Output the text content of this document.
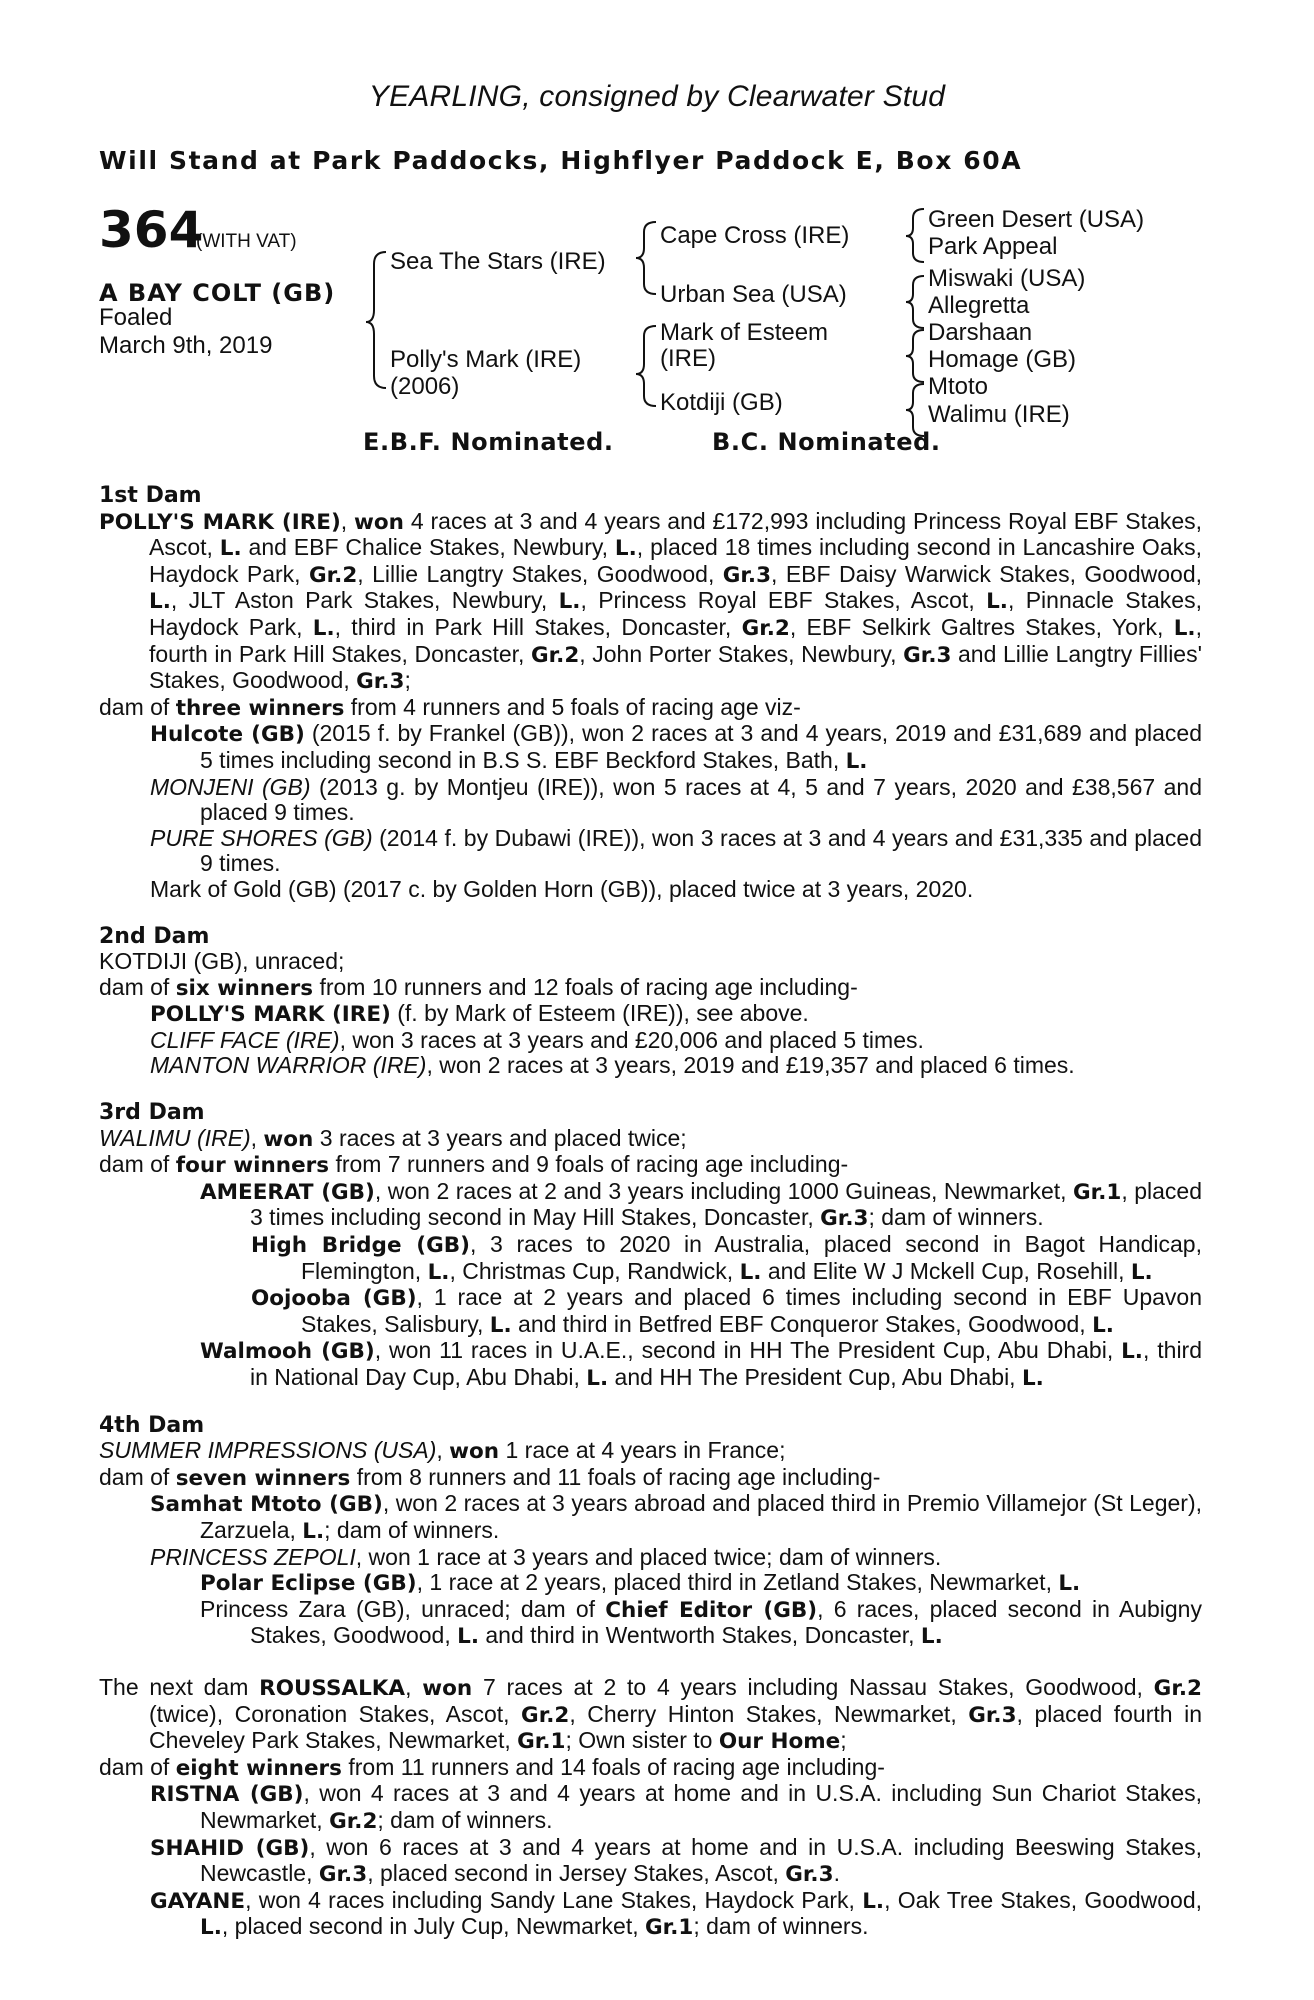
YEARLING, consigned by Clearwater Stud
Will Stand at Park Paddocks, Highflyer Paddock E, Box 60A
364
(WITH VAT)
A BAY COLT (GB)
Foaled
March 9th, 2019
Sea The Stars (IRE)
Polly's Mark (IRE)
(2006)
Cape Cross (IRE)
Urban Sea (USA)
Mark of Esteem
(IRE)
Kotdiji (GB)
Green Desert (USA)
Park Appeal
Miswaki (USA)
Allegretta
Darshaan
Homage (GB)
Mtoto
Walimu (IRE)
E.B.F. Nominated.	B.C. Nominated.
1st Dam

POLLY'S MARK (IRE), won 4 races at 3 and 4 years and £172,993 including Princess Royal EBF Stakes, Ascot, L. and EBF Chalice Stakes, Newbury, L., placed 18 times including second in Lancashire Oaks, Haydock Park, Gr.2, Lillie Langtry Stakes, Goodwood, Gr.3, EBF Daisy Warwick Stakes, Goodwood, L., JLT Aston Park Stakes, Newbury, L., Princess Royal EBF Stakes, Ascot, L., Pinnacle Stakes, Haydock Park, L., third in Park Hill Stakes, Doncaster, Gr.2, EBF Selkirk Galtres Stakes, York, L., fourth in Park Hill Stakes, Doncaster, Gr.2, John Porter Stakes, Newbury, Gr.3 and Lillie Langtry Fillies' Stakes, Goodwood, Gr.3;

dam of three winners from 4 runners and 5 foals of racing age viz-

Hulcote (GB) (2015 f. by Frankel (GB)), won 2 races at 3 and 4 years, 2019 and £31,689 and placed 5 times including second in B.S S. EBF Beckford Stakes, Bath, L.

MONJENI (GB) (2013 g. by Montjeu (IRE)), won 5 races at 4, 5 and 7 years, 2020 and £38,567 and placed 9 times.

PURE SHORES (GB) (2014 f. by Dubawi (IRE)), won 3 races at 3 and 4 years and £31,335 and placed 9 times.

Mark of Gold (GB) (2017 c. by Golden Horn (GB)), placed twice at 3 years, 2020.

2nd Dam

KOTDIJI (GB), unraced;

dam of six winners from 10 runners and 12 foals of racing age including-

POLLY'S MARK (IRE) (f. by Mark of Esteem (IRE)), see above.

CLIFF FACE (IRE), won 3 races at 3 years and £20,006 and placed 5 times.

MANTON WARRIOR (IRE), won 2 races at 3 years, 2019 and £19,357 and placed 6 times.

3rd Dam

WALIMU (IRE), won 3 races at 3 years and placed twice;

dam of four winners from 7 runners and 9 foals of racing age including-

AMEERAT (GB), won 2 races at 2 and 3 years including 1000 Guineas, Newmarket, Gr.1, placed 3 times including second in May Hill Stakes, Doncaster, Gr.3; dam of winners.

High Bridge (GB), 3 races to 2020 in Australia, placed second in Bagot Handicap, Flemington, L., Christmas Cup, Randwick, L. and Elite W J Mckell Cup, Rosehill, L.

Oojooba (GB), 1 race at 2 years and placed 6 times including second in EBF Upavon Stakes, Salisbury, L. and third in Betfred EBF Conqueror Stakes, Goodwood, L.

Walmooh (GB), won 11 races in U.A.E., second in HH The President Cup, Abu Dhabi, L., third in National Day Cup, Abu Dhabi, L. and HH The President Cup, Abu Dhabi, L.

4th Dam

SUMMER IMPRESSIONS (USA), won 1 race at 4 years in France;

dam of seven winners from 8 runners and 11 foals of racing age including-

Samhat Mtoto (GB), won 2 races at 3 years abroad and placed third in Premio Villamejor (St Leger), Zarzuela, L.; dam of winners.

PRINCESS ZEPOLI, won 1 race at 3 years and placed twice; dam of winners.

Polar Eclipse (GB), 1 race at 2 years, placed third in Zetland Stakes, Newmarket, L.

Princess Zara (GB), unraced; dam of Chief Editor (GB), 6 races, placed second in Aubigny Stakes, Goodwood, L. and third in Wentworth Stakes, Doncaster, L.

The next dam ROUSSALKA, won 7 races at 2 to 4 years including Nassau Stakes, Goodwood, Gr.2 (twice), Coronation Stakes, Ascot, Gr.2, Cherry Hinton Stakes, Newmarket, Gr.3, placed fourth in Cheveley Park Stakes, Newmarket, Gr.1; Own sister to Our Home;

dam of eight winners from 11 runners and 14 foals of racing age including-

RISTNA (GB), won 4 races at 3 and 4 years at home and in U.S.A. including Sun Chariot Stakes, Newmarket, Gr.2; dam of winners.

SHAHID (GB), won 6 races at 3 and 4 years at home and in U.S.A. including Beeswing Stakes, Newcastle, Gr.3, placed second in Jersey Stakes, Ascot, Gr.3.

GAYANE, won 4 races including Sandy Lane Stakes, Haydock Park, L., Oak Tree Stakes, Goodwood, L., placed second in July Cup, Newmarket, Gr.1; dam of winners.
